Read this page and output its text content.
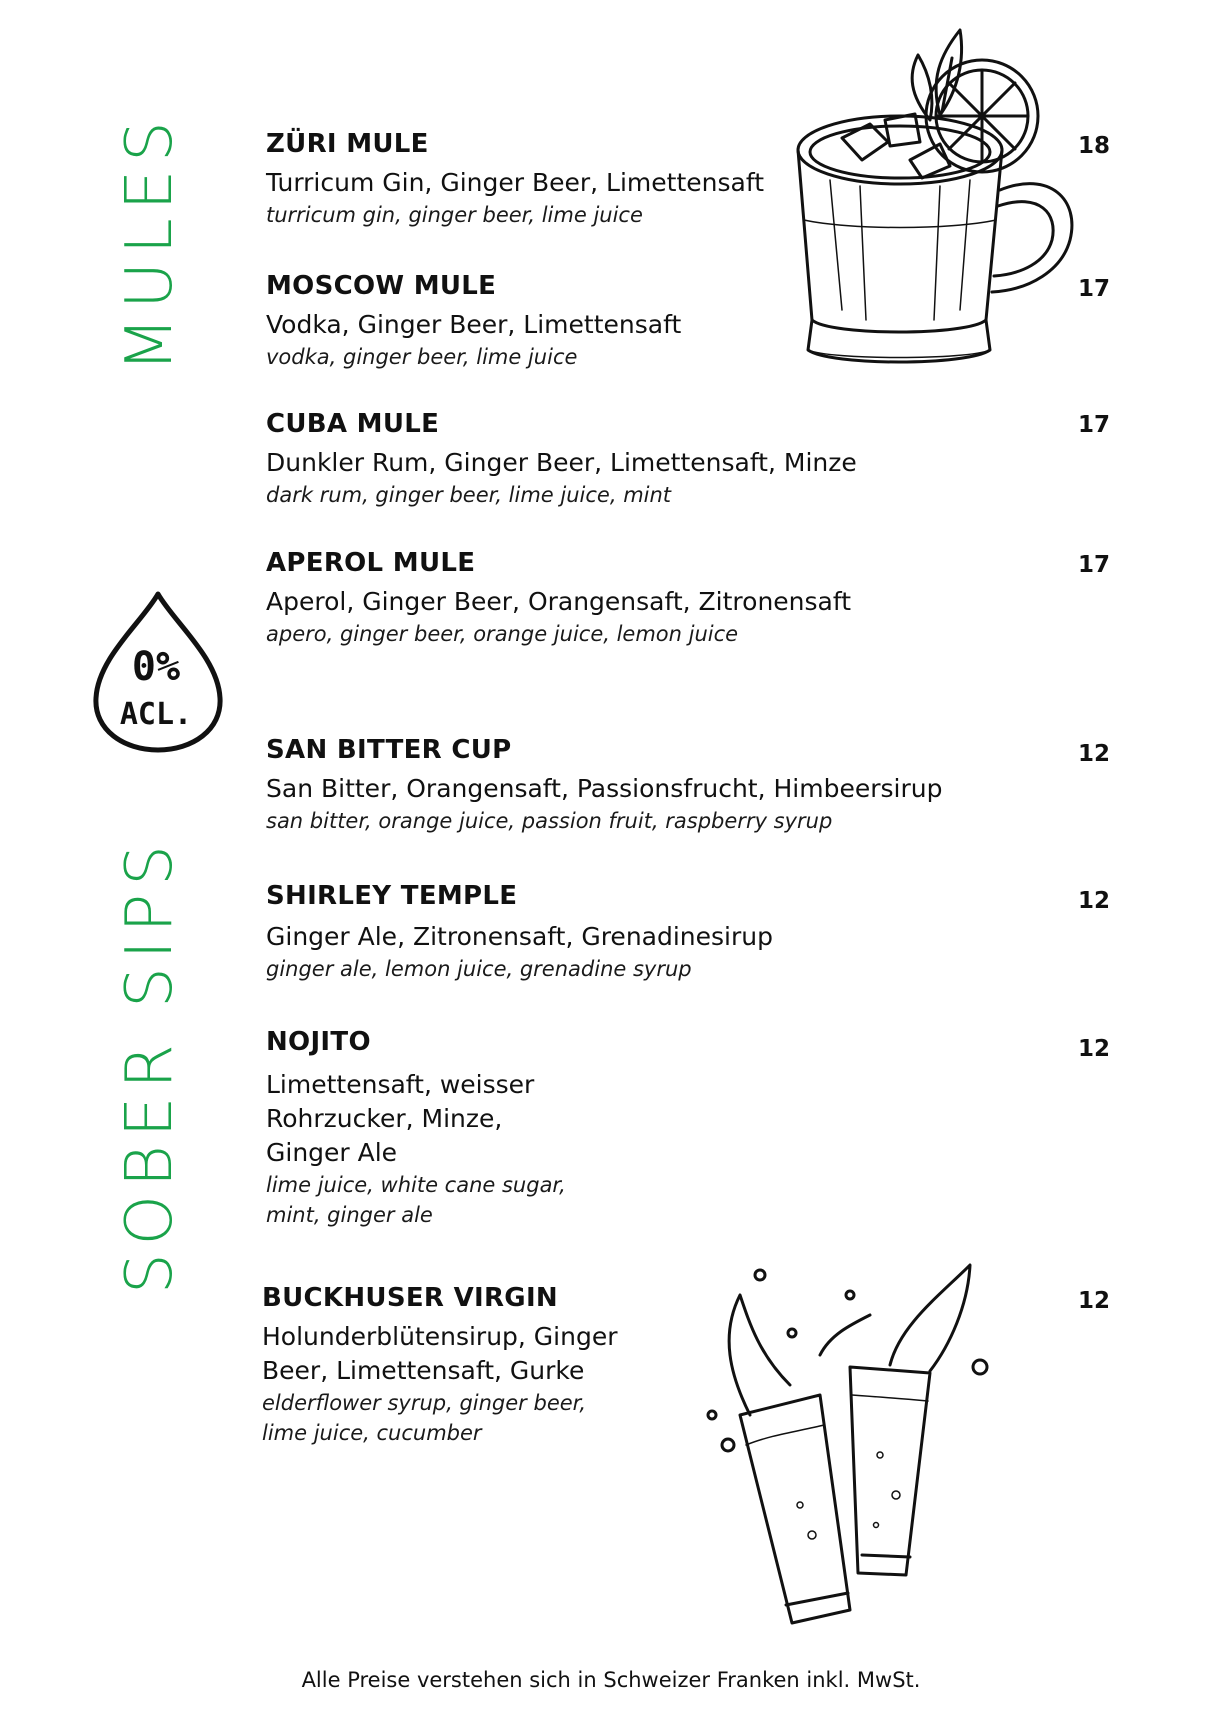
MULES
SOBER SIPS
0%
ACL.
ZÜRI MULE
Turricum Gin, Ginger Beer, Limettensaft
turricum gin, ginger beer, lime juice
18
MOSCOW MULE
Vodka, Ginger Beer, Limettensaft
vodka, ginger beer, lime juice
17
CUBA MULE
Dunkler Rum, Ginger Beer, Limettensaft, Minze
dark rum, ginger beer, lime juice, mint
17
APEROL MULE
Aperol, Ginger Beer, Orangensaft, Zitronensaft
apero, ginger beer, orange juice, lemon juice
17
SAN BITTER CUP
San Bitter, Orangensaft, Passionsfrucht, Himbeersirup
san bitter, orange juice, passion fruit, raspberry syrup
12
SHIRLEY TEMPLE
Ginger Ale, Zitronensaft, Grenadinesirup
ginger ale, lemon juice, grenadine syrup
12
NOJITO
Limettensaft, weisser
Rohrzucker, Minze,
Ginger Ale
lime juice, white cane sugar,
mint, ginger ale
12
BUCKHUSER VIRGIN
Holunderblütensirup, Ginger
Beer, Limettensaft, Gurke
elderflower syrup, ginger beer,
lime juice, cucumber
12
Alle Preise verstehen sich in Schweizer Franken inkl. MwSt.
